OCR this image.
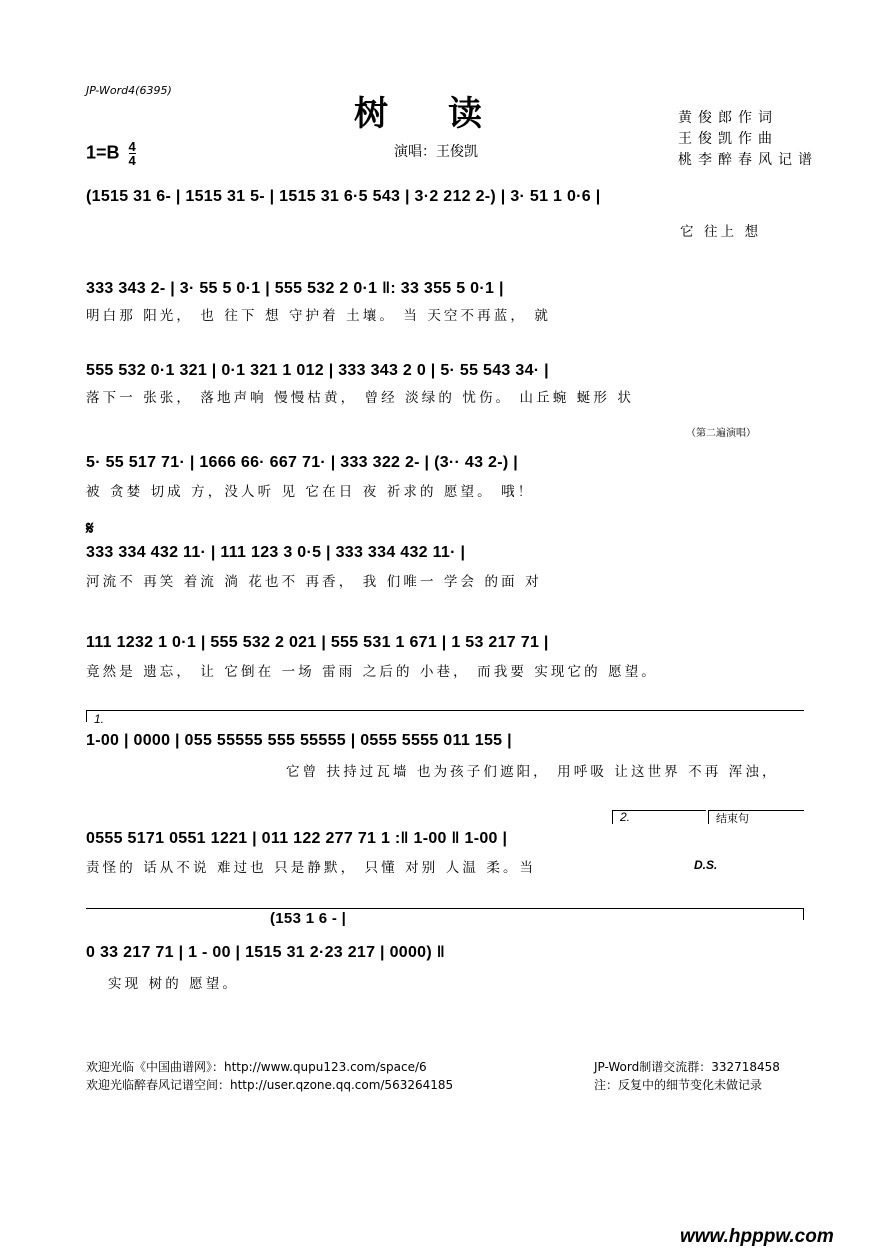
JP-Word4(6395)
树读
$1=B \frac{4}{4}$	演唱：王俊凯
黄俊郎作词
王俊凯作曲
桃李醉春风记谱
(1515 31 6- | 1515 31 5- | 1515 31 6·5 543 | 3·2 212 2-) | 3· 51 1 0·6 |
它 往上 想
333 343 2- | 3· 55 5 0·1 | 555 532 2 0·1 ‖: 33 355 5 0·1 |
明白那 阳光， 也 往下 想 守护着 土壤。 当 天空不再蓝， 就
555 532 0·1 321 | 0·1 321 1 012 | 333 343 2 0 | 5· 55 543 34· |
落下一 张张， 落地声响 慢慢枯黄， 曾经 淡绿的 忧伤。 山丘蜿 蜒形 状
（第二遍演唱）
5· 55 517 71· | 1666 66· 667 71· | 333 322 2- | (3·· 43 2-) |
被 贪婪 切成 方，没人听 见 它在日 夜 祈求的 愿望。 哦！
𝄋
333 334 432 11· | 111 123 3 0·5 | 333 334 432 11· |
河流不 再笑 着流 淌 花也不 再香， 我 们唯一 学会 的面 对
111 1232 1 0·1 | 555 532 2 021 | 555 531 1 671 | 1 53 217 71 |
竟然是 遗忘， 让 它倒在 一场 雷雨 之后的 小巷， 而我要 实现它的 愿望。
1.
1-00 | 0000 | 055 55555 555 55555 | 0555 5555 011 155 |
它曾 扶持过瓦墙 也为孩子们遮阳， 用呼吸 让这世界 不再 浑浊，
2.	结束句
0555 5171 0551 1221 | 011 122 277 71 1 :‖ 1-00 ‖ 1-00 |
责怪的 话从不说 难过也 只是静默， 只懂 对别 人温 柔。当	D.S.
(153 1 6 - |
0 33 217 71 | 1 - 00 | 1515 31 2·23 217 | 0000) ‖
实现 树的 愿望。
欢迎光临《中国曲谱网》：http://www.qupu123.com/space/6
欢迎光临醉春风记谱空间：http://user.qzone.qq.com/563264185
JP-Word制谱交流群：332718458
注：反复中的细节变化未做记录
www.hpppw.com
